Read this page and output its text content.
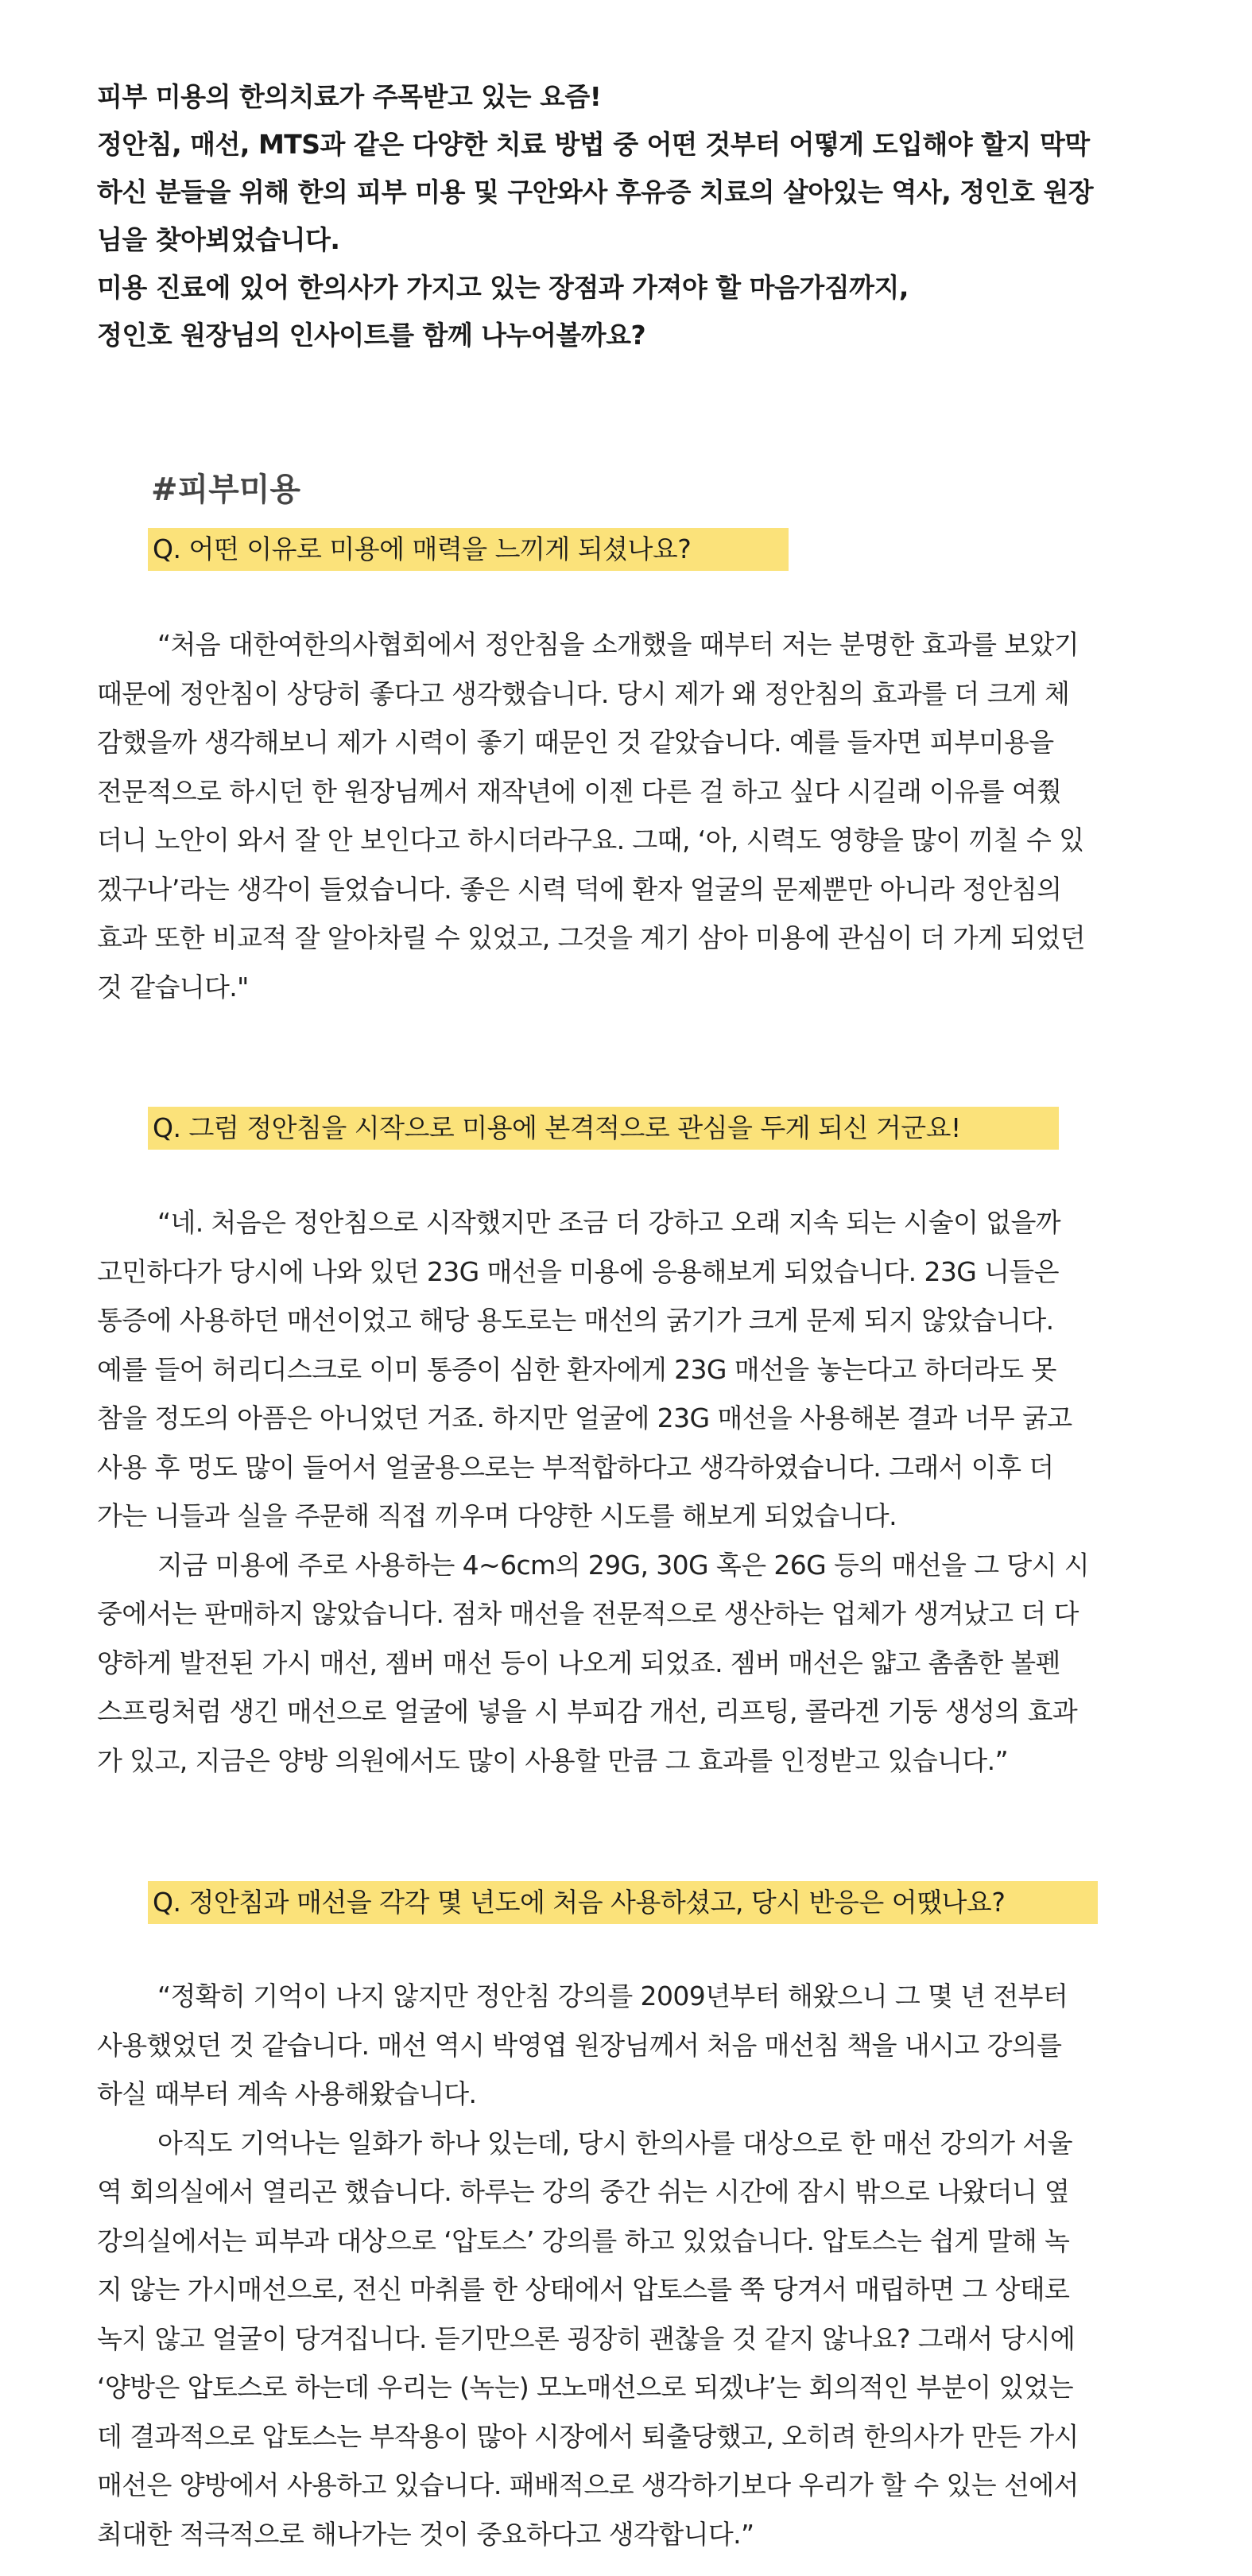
피부 미용의 한의치료가 주목받고 있는 요즘!
정안침, 매선, MTS과 같은 다양한 치료 방법 중 어떤 것부터 어떻게 도입해야 할지 막막
하신 분들을 위해 한의 피부 미용 및 구안와사 후유증 치료의 살아있는 역사, 정인호 원장
님을 찾아뵈었습니다.
미용 진료에 있어 한의사가 가지고 있는 장점과 가져야 할 마음가짐까지,
정인호 원장님의 인사이트를 함께 나누어볼까요?
#피부미용
Q. 어떤 이유로 미용에 매력을 느끼게 되셨나요?
“처음 대한여한의사협회에서 정안침을 소개했을 때부터 저는 분명한 효과를 보았기
때문에 정안침이 상당히 좋다고 생각했습니다. 당시 제가 왜 정안침의 효과를 더 크게 체
감했을까 생각해보니 제가 시력이 좋기 때문인 것 같았습니다. 예를 들자면 피부미용을
전문적으로 하시던 한 원장님께서 재작년에 이젠 다른 걸 하고 싶다 시길래 이유를 여쭸
더니 노안이 와서 잘 안 보인다고 하시더라구요. 그때, ‘아, 시력도 영향을 많이 끼칠 수 있
겠구나’라는 생각이 들었습니다. 좋은 시력 덕에 환자 얼굴의 문제뿐만 아니라 정안침의
효과 또한 비교적 잘 알아차릴 수 있었고, 그것을 계기 삼아 미용에 관심이 더 가게 되었던
것 같습니다."
Q. 그럼 정안침을 시작으로 미용에 본격적으로 관심을 두게 되신 거군요!
“네. 처음은 정안침으로 시작했지만 조금 더 강하고 오래 지속 되는 시술이 없을까
고민하다가 당시에 나와 있던 23G 매선을 미용에 응용해보게 되었습니다. 23G 니들은
통증에 사용하던 매선이었고 해당 용도로는 매선의 굵기가 크게 문제 되지 않았습니다.
예를 들어 허리디스크로 이미 통증이 심한 환자에게 23G 매선을 놓는다고 하더라도 못
참을 정도의 아픔은 아니었던 거죠. 하지만 얼굴에 23G 매선을 사용해본 결과 너무 굵고
사용 후 멍도 많이 들어서 얼굴용으로는 부적합하다고 생각하였습니다. 그래서 이후 더
가는 니들과 실을 주문해 직접 끼우며 다양한 시도를 해보게 되었습니다.
지금 미용에 주로 사용하는 4~6cm의 29G, 30G 혹은 26G 등의 매선을 그 당시 시
중에서는 판매하지 않았습니다. 점차 매선을 전문적으로 생산하는 업체가 생겨났고 더 다
양하게 발전된 가시 매선, 젬버 매선 등이 나오게 되었죠. 젬버 매선은 얇고 촘촘한 볼펜
스프링처럼 생긴 매선으로 얼굴에 넣을 시 부피감 개선, 리프팅, 콜라겐 기둥 생성의 효과
가 있고, 지금은 양방 의원에서도 많이 사용할 만큼 그 효과를 인정받고 있습니다.”
Q. 정안침과 매선을 각각 몇 년도에 처음 사용하셨고, 당시 반응은 어땠나요?
“정확히 기억이 나지 않지만 정안침 강의를 2009년부터 해왔으니 그 몇 년 전부터
사용했었던 것 같습니다. 매선 역시 박영엽 원장님께서 처음 매선침 책을 내시고 강의를
하실 때부터 계속 사용해왔습니다.
아직도 기억나는 일화가 하나 있는데, 당시 한의사를 대상으로 한 매선 강의가 서울
역 회의실에서 열리곤 했습니다. 하루는 강의 중간 쉬는 시간에 잠시 밖으로 나왔더니 옆
강의실에서는 피부과 대상으로 ‘압토스’ 강의를 하고 있었습니다. 압토스는 쉽게 말해 녹
지 않는 가시매선으로, 전신 마취를 한 상태에서 압토스를 쭉 당겨서 매립하면 그 상태로
녹지 않고 얼굴이 당겨집니다. 듣기만으론 굉장히 괜찮을 것 같지 않나요? 그래서 당시에
‘양방은 압토스로 하는데 우리는 (녹는) 모노매선으로 되겠냐’는 회의적인 부분이 있었는
데 결과적으로 압토스는 부작용이 많아 시장에서 퇴출당했고, 오히려 한의사가 만든 가시
매선은 양방에서 사용하고 있습니다. 패배적으로 생각하기보다 우리가 할 수 있는 선에서
최대한 적극적으로 해나가는 것이 중요하다고 생각합니다.”
